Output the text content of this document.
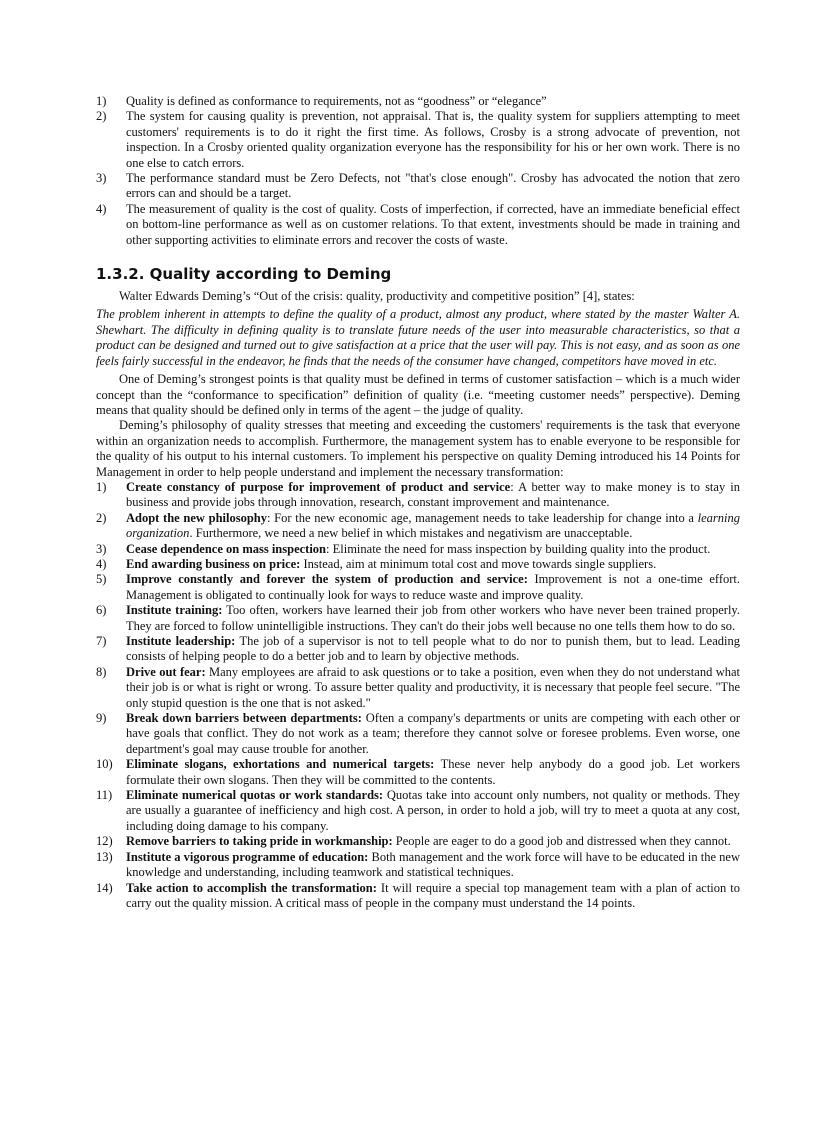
1)	Quality is defined as conformance to requirements, not as “goodness” or “elegance”
2)	The system for causing quality is prevention, not appraisal. That is, the quality system for suppliers attempting to meet customers' requirements is to do it right the first time. As follows, Crosby is a strong advocate of prevention, not inspection. In a Crosby oriented quality organization everyone has the responsibility for his or her own work. There is no one else to catch errors.
3)	The performance standard must be Zero Defects, not "that's close enough". Crosby has advocated the notion that zero errors can and should be a target.
4)	The measurement of quality is the cost of quality. Costs of imperfection, if corrected, have an immediate beneficial effect on bottom-line performance as well as on customer relations. To that extent, investments should be made in training and other supporting activities to eliminate errors and recover the costs of waste.
1.3.2. Quality according to Deming

Walter Edwards Deming’s “Out of the crisis: quality, productivity and competitive position” [4], states:

The problem inherent in attempts to define the quality of a product, almost any product, where stated by the master Walter A. Shewhart. The difficulty in defining quality is to translate future needs of the user into measurable characteristics, so that a product can be designed and turned out to give satisfaction at a price that the user will pay. This is not easy, and as soon as one feels fairly successful in the endeavor, he finds that the needs of the consumer have changed, competitors have moved in etc.

One of Deming’s strongest points is that quality must be defined in terms of customer satisfaction – which is a much wider concept than the “conformance to specification” definition of quality (i.e. “meeting customer needs” perspective). Deming means that quality should be defined only in terms of the agent – the judge of quality.

Deming’s philosophy of quality stresses that meeting and exceeding the customers' requirements is the task that everyone within an organization needs to accomplish. Furthermore, the management system has to enable everyone to be responsible for the quality of his output to his internal customers. To implement his perspective on quality Deming introduced his 14 Points for Management in order to help people understand and implement the necessary transformation:

1)	Create constancy of purpose for improvement of product and service: A better way to make money is to stay in business and provide jobs through innovation, research, constant improvement and maintenance.
2)	Adopt the new philosophy: For the new economic age, management needs to take leadership for change into a learning organization. Furthermore, we need a new belief in which mistakes and negativism are unacceptable.
3)	Cease dependence on mass inspection: Eliminate the need for mass inspection by building quality into the product.
4)	End awarding business on price: Instead, aim at minimum total cost and move towards single suppliers.
5)	Improve constantly and forever the system of production and service: Improvement is not a one-time effort. Management is obligated to continually look for ways to reduce waste and improve quality.
6)	Institute training: Too often, workers have learned their job from other workers who have never been trained properly. They are forced to follow unintelligible instructions. They can't do their jobs well because no one tells them how to do so.
7)	Institute leadership: The job of a supervisor is not to tell people what to do nor to punish them, but to lead. Leading consists of helping people to do a better job and to learn by objective methods.
8)	Drive out fear: Many employees are afraid to ask questions or to take a position, even when they do not understand what their job is or what is right or wrong. To assure better quality and productivity, it is necessary that people feel secure. "The only stupid question is the one that is not asked."
9)	Break down barriers between departments: Often a company's departments or units are competing with each other or have goals that conflict. They do not work as a team; therefore they cannot solve or foresee problems. Even worse, one department's goal may cause trouble for another.
10)	Eliminate slogans, exhortations and numerical targets: These never help anybody do a good job. Let workers formulate their own slogans. Then they will be committed to the contents.
11)	Eliminate numerical quotas or work standards: Quotas take into account only numbers, not quality or methods. They are usually a guarantee of inefficiency and high cost. A person, in order to hold a job, will try to meet a quota at any cost, including doing damage to his company.
12)	Remove barriers to taking pride in workmanship: People are eager to do a good job and distressed when they cannot.
13)	Institute a vigorous programme of education: Both management and the work force will have to be educated in the new knowledge and understanding, including teamwork and statistical techniques.
14)	Take action to accomplish the transformation: It will require a special top management team with a plan of action to carry out the quality mission. A critical mass of people in the company must understand the 14 points.
